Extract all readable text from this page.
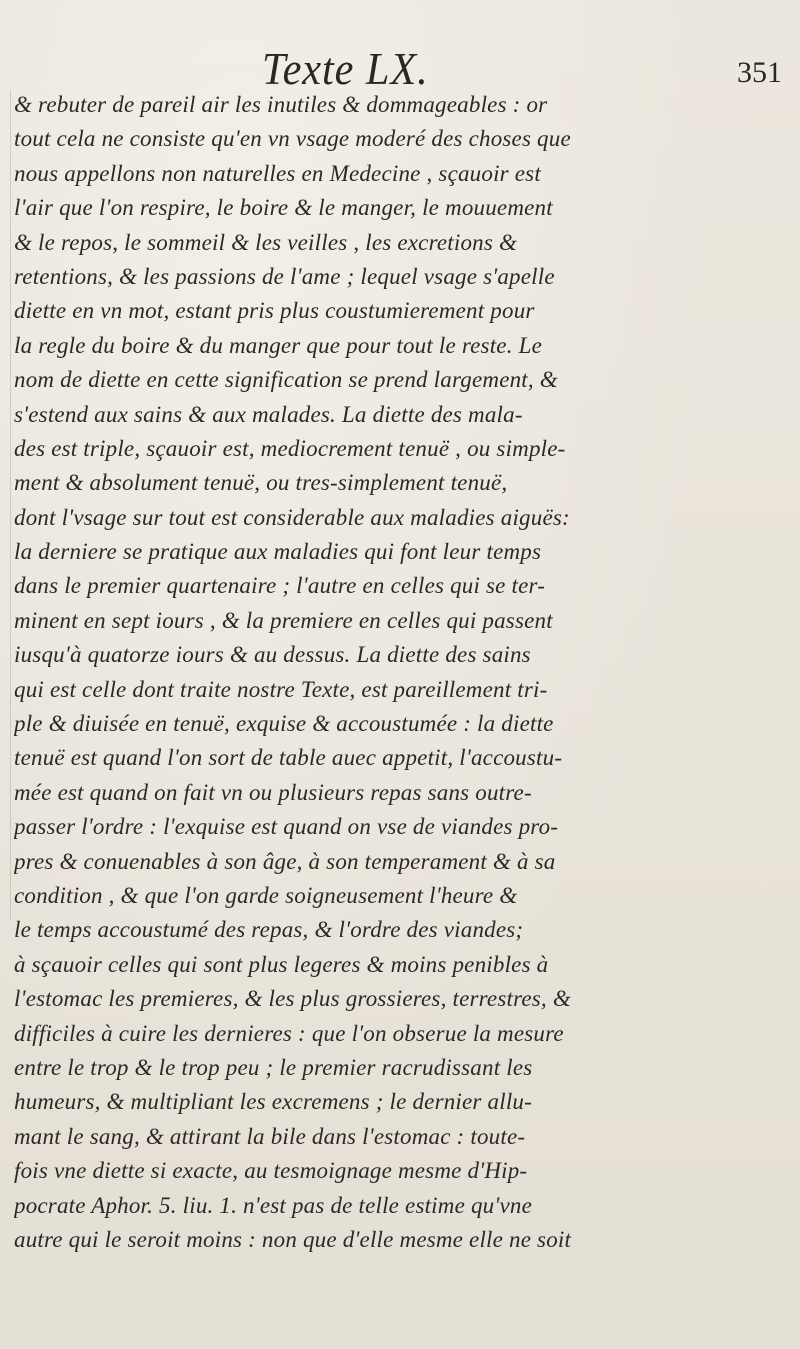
Texte LX.	351
& rebuter de pareil air les inutiles & dommageables : or
tout cela ne consiste qu'en vn vsage moderé des choses que
nous appellons non naturelles en Medecine , sçauoir est
l'air que l'on respire, le boire & le manger, le mouuement
& le repos, le sommeil & les veilles , les excretions &
retentions, & les passions de l'ame ; lequel vsage s'apelle
diette en vn mot, estant pris plus coustumierement pour
la regle du boire & du manger que pour tout le reste. Le
nom de diette en cette signification se prend largement, &
s'estend aux sains & aux malades. La diette des mala-
des est triple, sçauoir est, mediocrement tenuë , ou simple-
ment & absolument tenuë, ou tres-simplement tenuë,
dont l'vsage sur tout est considerable aux maladies aiguës:
la derniere se pratique aux maladies qui font leur temps
dans le premier quartenaire ; l'autre en celles qui se ter-
minent en sept iours , & la premiere en celles qui passent
iusqu'à quatorze iours & au dessus. La diette des sains
qui est celle dont traite nostre Texte, est pareillement tri-
ple & diuisée en tenuë, exquise & accoustumée : la diette
tenuë est quand l'on sort de table auec appetit, l'accoustu-
mée est quand on fait vn ou plusieurs repas sans outre-
passer l'ordre : l'exquise est quand on vse de viandes pro-
pres & conuenables à son âge, à son temperament & à sa
condition , & que l'on garde soigneusement l'heure &
le temps accoustumé des repas, & l'ordre des viandes;
à sçauoir celles qui sont plus legeres & moins penibles à
l'estomac les premieres, & les plus grossieres, terrestres, &
difficiles à cuire les dernieres : que l'on obserue la mesure
entre le trop & le trop peu ; le premier racrudissant les
humeurs, & multipliant les excremens ; le dernier allu-
mant le sang, & attirant la bile dans l'estomac : toute-
fois vne diette si exacte, au tesmoignage mesme d'Hip-
pocrate Aphor. 5. liu. 1. n'est pas de telle estime qu'vne
autre qui le seroit moins : non que d'elle mesme elle ne soit
